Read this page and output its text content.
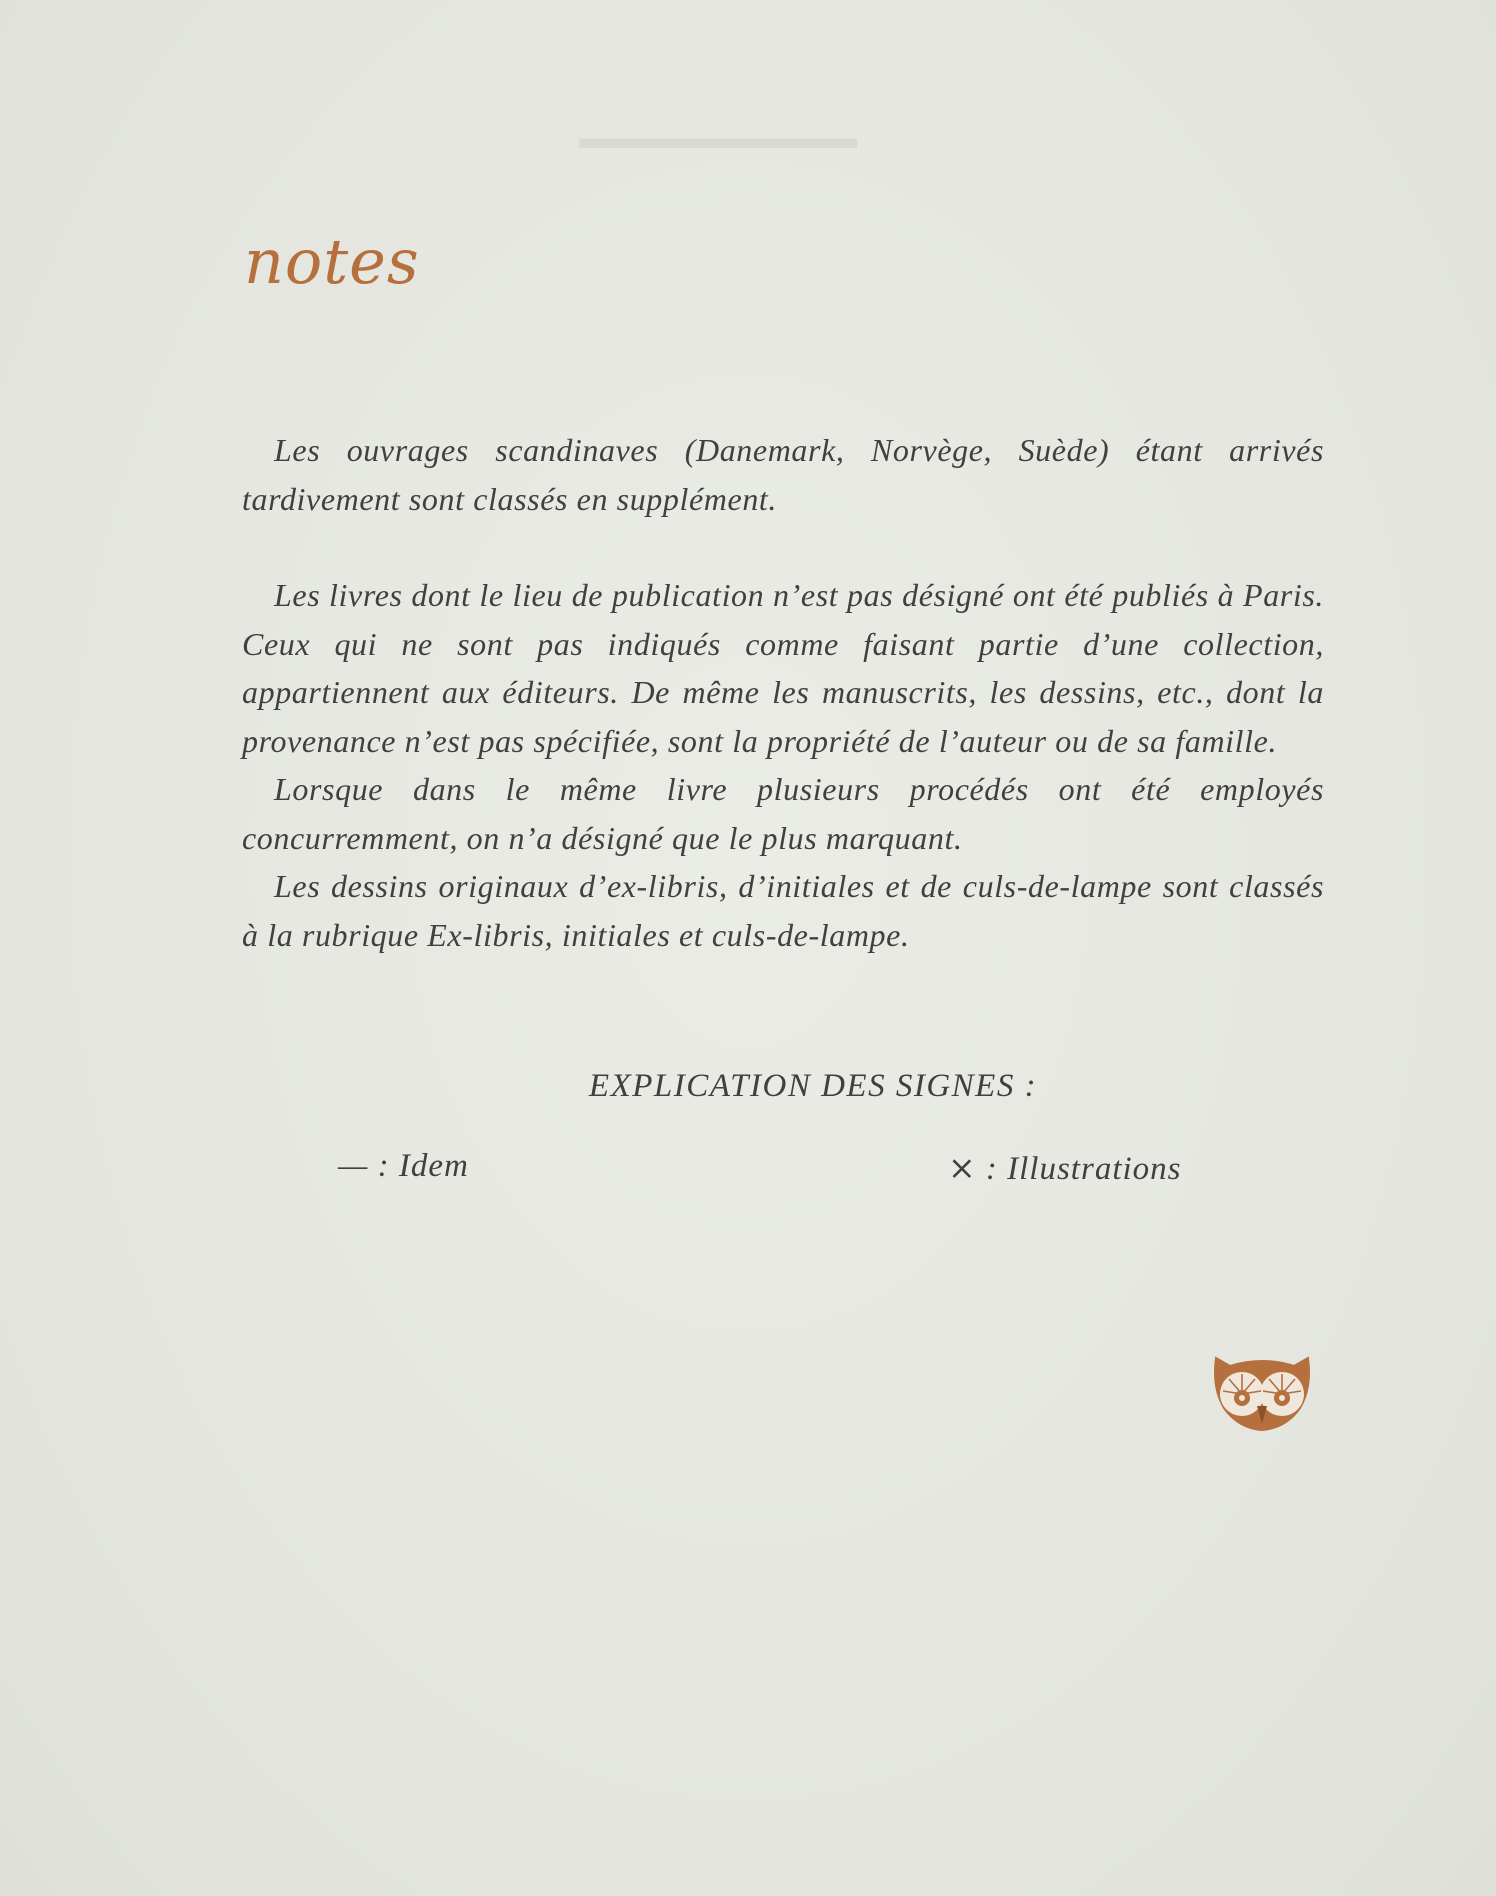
▔▔▔▔▔▔
notes

Les ouvrages scandinaves (Danemark, Norvège, Suède) étant arrivés tardivement sont classés en supplément.

Les livres dont le lieu de publication n’est pas désigné ont été publiés à Paris. Ceux qui ne sont pas indiqués comme faisant partie d’une collection, appartiennent aux éditeurs. De même les manuscrits, les dessins, etc., dont la provenance n’est pas spécifiée, sont la propriété de l’auteur ou de sa famille.

Lorsque dans le même livre plusieurs procédés ont été employés concurremment, on n’a désigné que le plus marquant.

Les dessins originaux d’ex-libris, d’initiales et de culs-de-lampe sont classés à la rubrique Ex-libris, initiales et culs-de-lampe.

EXPLICATION DES SIGNES :
— : Idem	⨯ : Illustrations
